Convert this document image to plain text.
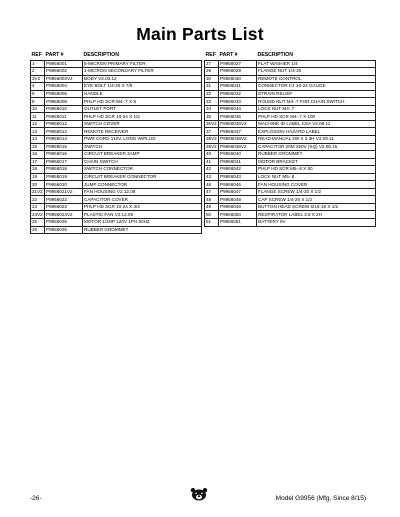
Main Parts List
REF	PART #	DESCRIPTION
1	P9956001	5-MICRON PRIMARY FILTER
2	P9956002	1-MICRON SECONDARY FILTER
3V2	P9956003V2	BODY V2.03.12
4	P9956004	EYE BOLT 1/4-20 X 7/8
5	P9956005	HANDLE
8	P9956008	PHLP HD SCR M4-.7 X 8
10	P9956010	OUTLET PORT
11	P9956011	PHLP HD SCR 10-24 X 1/2
12	P9956012	SWITCH COVER
13	P9956013	REMOTE RECEIVER
14	P9956014	PWR CORD 110V, LONG W/PLUG
15	P9956015	SWITCH
16	P9956016	CIRCUIT BREAKER 3AMP
17	P9956017	CHAIN SWITCH
18	P9956018	SWITCH CONNECTOR
19	P9956019	CIRCUIT BREAKER CONNECTOR
20	P9956020	JUMP CONNECTOR
21V2	P9956021V2	FAN HOUSING V2.12.09
22	P9956022	CAPACITOR COVER
23	P9956023	PHLP HD SCR 10-24 X 3/4
24V2	P9956024V2	PLASTIC FAN V2.12.09
25	P9956025	MOTOR 1/3HP 120V 1PH 60HZ
26	P9956026	RUBBER GROMMET
REF	PART #	DESCRIPTION
27	P9956027	FLAT WASHER 1/4
29	P9956029	FLANGE NUT 1/4-20
30	P9956030	REMOTE CONTROL
31	P9956031	CONNECTOR C4 16-24 GAUGE
32	P9956032	STRAIN RELIEF
33	P9956033	ROUND NUT M4-.7 FOR CHAIN SWITCH
34	P9956034	LOCK NUT M4-.7
35	P9956035	PHLP HD SCR M4-.7 X 100
36V2	P9956036V2	MACHINE ID LABEL CSA V2.09.11
37	P9956037	EXPLOSION HAZARD LABEL
38V2	P9956038V2	READ MANUAL 2W X 3.3H V2.09.11
39V2	P9956039V2	CAPACITOR 20M 250V (SQ) V2.08.15
40	P9956040	RUBBER GROMMET
41	P9956041	MOTOR BRACKET
42	P9956042	PHLP HD SCR M5-.8 X 50
43	P9956043	LOCK NUT M5-.8
46	P9956046	FAN HOUSING COVER
47	P9956047	FLANGE SCREW 1/4-20 X 1/2
48	P9956048	CAP SCREW 1/4-20 X 1/2
49	P9956049	BUTTON HEAD SCREW 5/16-18 X 1/2
50	P9956050	RESPIRATOR LABEL 3.8 X 2H
51	P9956051	BATTERY 9V
-26-	Model G9956 (Mfg. Since 8/15)
